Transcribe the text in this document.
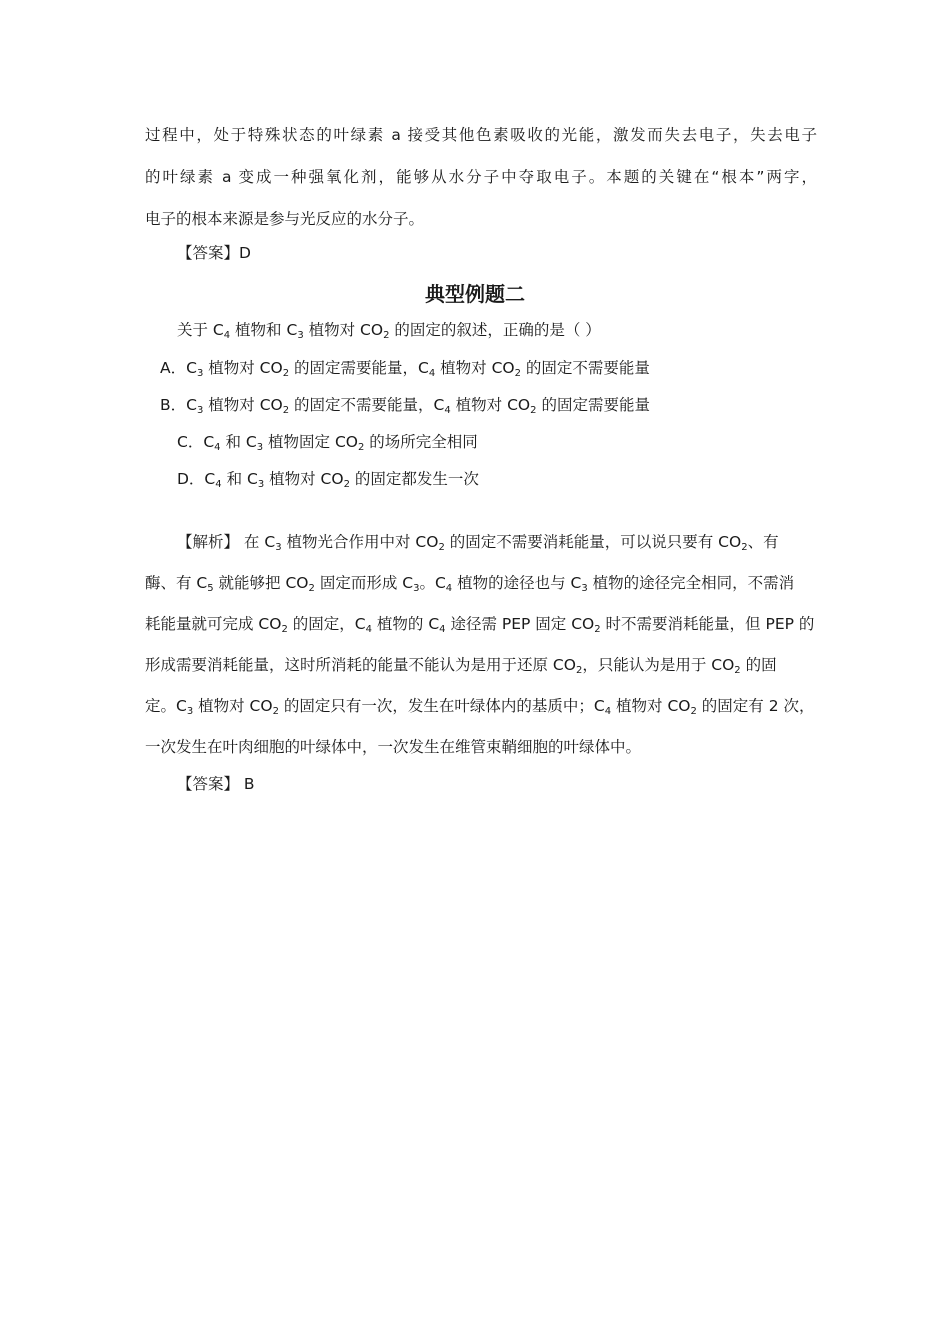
过程中，处于特殊状态的叶绿素 a 接受其他色素吸收的光能，激发而失去电子，失去电子
的叶绿素 a 变成一种强氧化剂，能够从水分子中夺取电子。本题的关键在“根本”两字，
电子的根本来源是参与光反应的水分子。
【答案】D
典型例题二
关于 $C_4$ 植物和 $C_3$ 植物对 $CO_2$ 的固定的叙述，正确的是（ ）
A．$C_3$ 植物对 $CO_2$ 的固定需要能量，$C_4$ 植物对 $CO_2$ 的固定不需要能量
B．$C_3$ 植物对 $CO_2$ 的固定不需要能量，$C_4$ 植物对 $CO_2$ 的固定需要能量
C．$C_4$ 和 $C_3$ 植物固定 $CO_2$ 的场所完全相同
D．$C_4$ 和 $C_3$ 植物对 $CO_2$ 的固定都发生一次
【解析】 在 $C_3$ 植物光合作用中对 $CO_2$ 的固定不需要消耗能量，可以说只要有 $CO_2$、有
酶、有 $C_5$ 就能够把 $CO_2$ 固定而形成 $C_3$。$C_4$ 植物的途径也与 $C_3$ 植物的途径完全相同，不需消
耗能量就可完成 $CO_2$ 的固定，$C_4$ 植物的 $C_4$ 途径需 PEP 固定 $CO_2$ 时不需要消耗能量，但 PEP 的
形成需要消耗能量，这时所消耗的能量不能认为是用于还原 $CO_2$，只能认为是用于 $CO_2$ 的固
定。$C_3$ 植物对 $CO_2$ 的固定只有一次，发生在叶绿体内的基质中；$C_4$ 植物对 $CO_2$ 的固定有 2 次，
一次发生在叶肉细胞的叶绿体中，一次发生在维管束鞘细胞的叶绿体中。
【答案】 B
